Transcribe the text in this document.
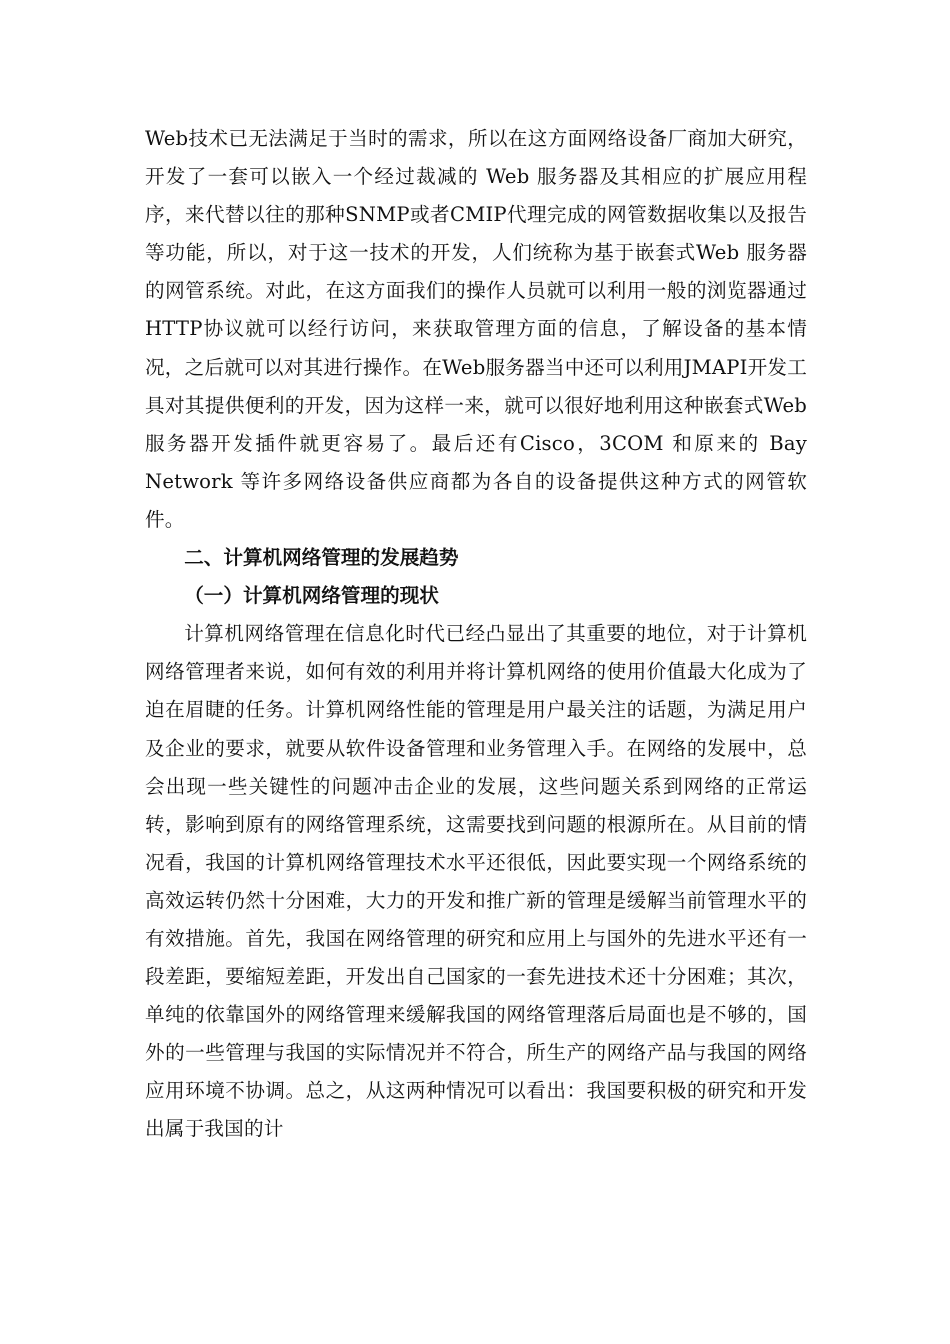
Web技术已无法满足于当时的需求，所以在这方面网络设备厂商加大研究，开发了一套可以嵌入一个经过裁减的 Web 服务器及其相应的扩展应用程序，来代替以往的那种SNMP或者CMIP代理完成的网管数据收集以及报告等功能，所以，对于这一技术的开发，人们统称为基于嵌套式Web 服务器的网管系统。对此，在这方面我们的操作人员就可以利用一般的浏览器通过HTTP协议就可以经行访问，来获取管理方面的信息，了解设备的基本情况，之后就可以对其进行操作。在Web服务器当中还可以利用JMAPI开发工具对其提供便利的开发，因为这样一来，就可以很好地利用这种嵌套式Web服务器开发插件就更容易了。最后还有Cisco，3COM 和原来的 Bay Network 等许多网络设备供应商都为各自的设备提供这种方式的网管软件。

二、计算机网络管理的发展趋势
（一）计算机网络管理的现状

计算机网络管理在信息化时代已经凸显出了其重要的地位，对于计算机网络管理者来说，如何有效的利用并将计算机网络的使用价值最大化成为了迫在眉睫的任务。计算机网络性能的管理是用户最关注的话题，为满足用户及企业的要求，就要从软件设备管理和业务管理入手。在网络的发展中，总会出现一些关键性的问题冲击企业的发展，这些问题关系到网络的正常运转，影响到原有的网络管理系统，这需要找到问题的根源所在。从目前的情况看，我国的计算机网络管理技术水平还很低，因此要实现一个网络系统的高效运转仍然十分困难，大力的开发和推广新的管理是缓解当前管理水平的有效措施。首先，我国在网络管理的研究和应用上与国外的先进水平还有一段差距，要缩短差距，开发出自己国家的一套先进技术还十分困难；其次，单纯的依靠国外的网络管理来缓解我国的网络管理落后局面也是不够的，国外的一些管理与我国的实际情况并不符合，所生产的网络产品与我国的网络应用环境不协调。总之，从这两种情况可以看出：我国要积极的研究和开发出属于我国的计
